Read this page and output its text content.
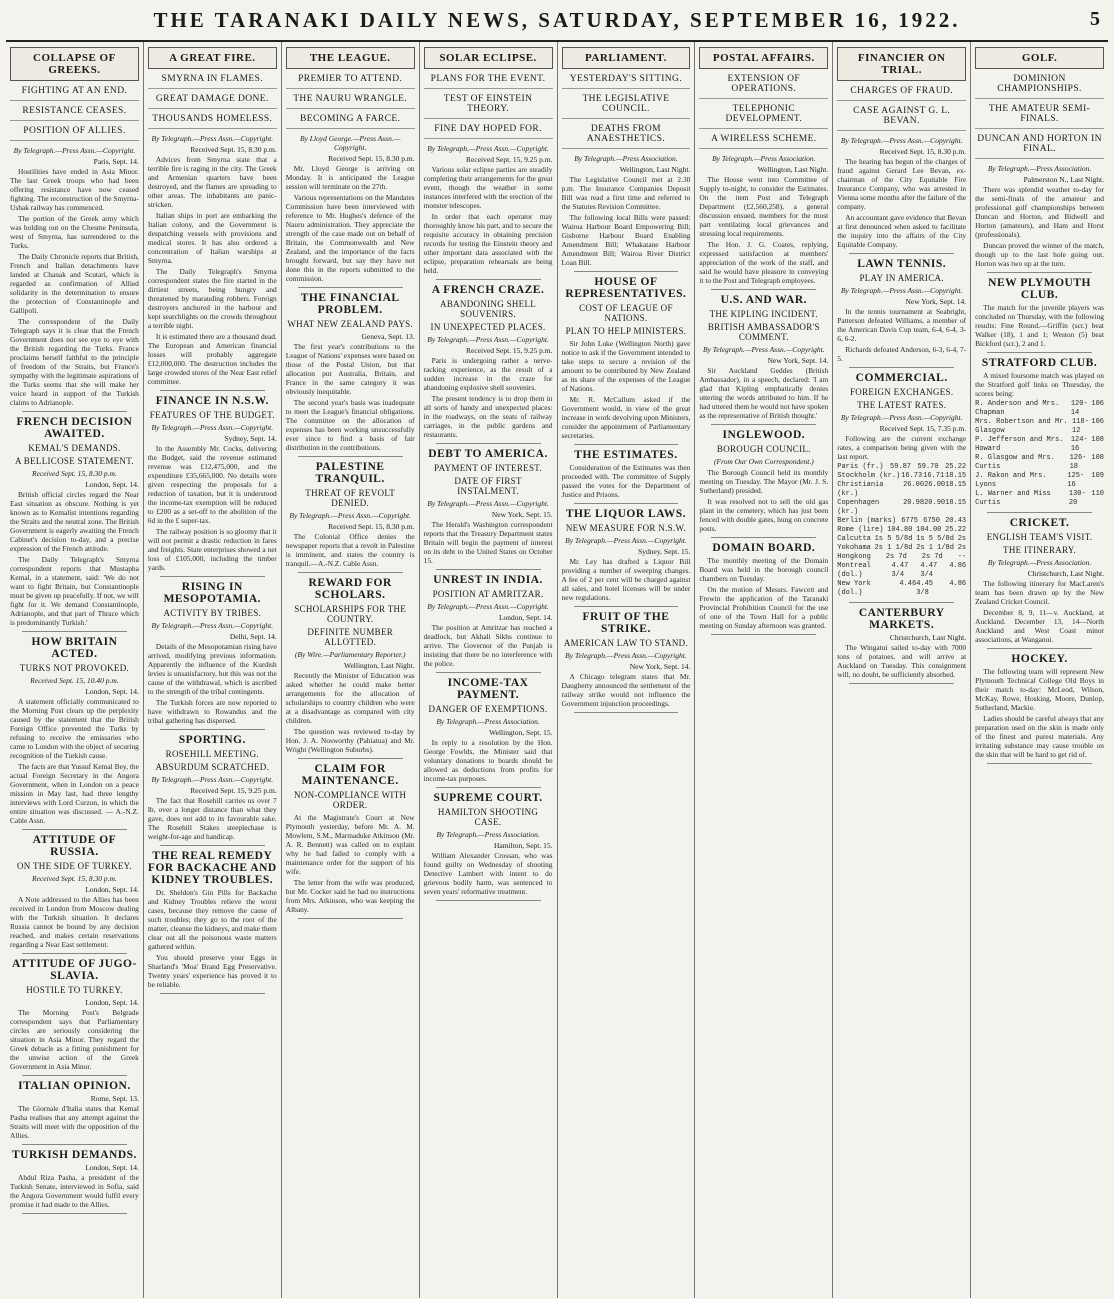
THE TARANAKI DAILY NEWS, SATURDAY, SEPTEMBER 16, 1922.	5
COLLAPSE OF GREEKS.
FIGHTING AT AN END.
RESISTANCE CEASES.
POSITION OF ALLIES.
By Telegraph.—Press Assn.—Copyright.
Paris, Sept. 14.

Hostilities have ended in Asia Minor. The last Greek troops who had been offering resistance have now ceased fighting. The reconstruction of the Smyrna-Ushak railway has commenced.

The portion of the Greek army which was holding out on the Chesme Peninsula, west of Smyrna, has surrendered to the Turks.

The Daily Chronicle reports that British, French and Italian detachments have landed at Chanak and Scutari, which is regarded as confirmation of Allied solidarity in the determination to ensure the protection of Constantinople and Gallipoli.

The correspondent of the Daily Telegraph says it is clear that the French Government does not see eye to eye with the British regarding the Turks. France proclaims herself faithful to the principle of freedom of the Straits, but France's sympathy with the legitimate aspirations of the Turks seems that she will make her voice heard in support of the Turkish claims to Adrianople.

FRENCH DECISION AWAITED.
KEMAL'S DEMANDS.
A BELLICOSE STATEMENT.
Received Sept. 15, 8.30 p.m.
London, Sept. 14.

British official circles regard the Near East situation as obscure. Nothing is yet known as to Kemalist intentions regarding the Straits and the neutral zone. The British Government is eagerly awaiting the French Cabinet's decision to-day, and a precise expression of the French attitude.

The Daily Telegraph's Smyrna correspondent reports that Mustapha Kemal, in a statement, said: 'We do not want to fight Britain, but Constantinople must be given up peacefully. If not, we will fight for it. We demand Constantinople, Adrianople, and that part of Thrace which is predominantly Turkish.'

HOW BRITAIN ACTED.
TURKS NOT PROVOKED.
Received Sept. 15, 10.40 p.m.
London, Sept. 14.

A statement officially communicated to the Morning Post clears up the perplexity caused by the statement that the British Foreign Office prevented the Turks by refusing to receive the emissaries who came to London with the object of securing recognition of the Turkish cause.

The facts are that Yussuf Kemal Bey, the actual Foreign Secretary in the Angora Government, when in London on a peace mission in May last, had three lengthy interviews with Lord Curzon, in which the entire situation was discussed. — A.-N.Z. Cable Assn.

ATTITUDE OF RUSSIA.
ON THE SIDE OF TURKEY.
Received Sept. 15, 8.30 p.m.
London, Sept. 14.

A Note addressed to the Allies has been received in London from Moscow dealing with the Turkish situation. It declares Russia cannot be bound by any decision reached, and makes certain reservations regarding a Near East settlement.

ATTITUDE OF JUGO-SLAVIA.
HOSTILE TO TURKEY.
London, Sept. 14.

The Morning Post's Belgrade correspondent says that Parliamentary circles are seriously considering the situation in Asia Minor. They regard the Greek debacle as a fitting punishment for the unwise action of the Greek Government in Asia Minor.

ITALIAN OPINION.
Rome, Sept. 13.

The Giornale d'Italia states that Kemal Pasha realises that any attempt against the Straits will meet with the opposition of the Allies.

TURKISH DEMANDS.
London, Sept. 14.

Abdul Riza Pasha, a president of the Turkish Senate, interviewed in Sofia, said the Angora Government would fulfil every promise it had made to the Allies.

A GREAT FIRE.
SMYRNA IN FLAMES.
GREAT DAMAGE DONE.
THOUSANDS HOMELESS.
By Telegraph.—Press Assn.—Copyright.
Received Sept. 15, 8.30 p.m.

Advices from Smyrna state that a terrible fire is raging in the city. The Greek and Armenian quarters have been destroyed, and the flames are spreading to other areas. The inhabitants are panic-stricken.

Italian ships in port are embarking the Italian colony, and the Government is despatching vessels with provisions and medical stores. It has also ordered a concentration of Italian warships at Smyrna.

The Daily Telegraph's Smyrna correspondent states the fire started in the dirtiest streets, being hungry and threatened by marauding robbers. Foreign destroyers anchored in the harbour and kept searchlights on the crowds throughout a terrible night.

It is estimated there are a thousand dead. The European and American financial losses will probably aggregate £12,000,000. The destruction includes the large crowded stores of the Near East relief committee.

FINANCE IN N.S.W.
FEATURES OF THE BUDGET.
By Telegraph.—Press Assn.—Copyright.
Sydney, Sept. 14.

In the Assembly Mr. Cocks, delivering the Budget, said the revenue estimated revenue was £12,475,000, and the expenditure £35,665,000. No details were given respecting the proposals for a reduction of taxation, but it is understood the income-tax exemption will be reduced to £200 as a set-off to the abolition of the 6d in the £ super-tax.

The railway position is so gloomy that it will not permit a drastic reduction in fares and freights. State enterprises showed a net loss of £105,000, including the timber yards.

RISING IN MESOPOTAMIA.
ACTIVITY BY TRIBES.
By Telegraph.—Press Assn.—Copyright.
Delhi, Sept. 14.

Details of the Mesopotamian rising have arrived, modifying previous information. Apparently the influence of the Kurdish levies is unsatisfactory, but this was not the cause of the withdrawal, which is ascribed to the strength of the tribal contingents.

The Turkish forces are now reported to have withdrawn to Rowandus and the tribal gathering has dispersed.

SPORTING.
ROSEHILL MEETING.
ABSURDUM SCRATCHED.
By Telegraph.—Press Assn.—Copyright.
Received Sept. 15, 9.25 p.m.

The fact that Rosehill carries us over 7 lb, over a longer distance than what they gave, does not add to its favourable sake. The Rosehill Stakes steeplechase is weight-for-age and handicap.

THE REAL REMEDY FOR BACKACHE AND KIDNEY TROUBLES.

Dr. Sheldon's Gin Pills for Backache and Kidney Troubles relieve the worst cases, because they remove the cause of such troubles; they go to the root of the matter, cleanse the kidneys, and make them clear out all the poisonous waste matters gathered within.

You should preserve your Eggs in Sharland's 'Moa' Brand Egg Preservative. Twenty years' experience has proved it to be reliable.

THE LEAGUE.
PREMIER TO ATTEND.
THE NAURU WRANGLE.
BECOMING A FARCE.
By Lloyd George.—Press Assn.—Copyright.
Received Sept. 15, 8.30 p.m.

Mr. Lloyd George is arriving on Monday. It is anticipated the League session will terminate on the 27th.

Various representations on the Mandates Commission have been interviewed with reference to Mr. Hughes's defence of the Nauru administration. They appreciate the strength of the case made out on behalf of Britain, the Commonwealth and New Zealand, and the importance of the facts brought forward, but say they have not done this in the reports submitted to the commission.

THE FINANCIAL PROBLEM.
WHAT NEW ZEALAND PAYS.
Geneva, Sept. 13.

The first year's contributions to the League of Nations' expenses were based on those of the Postal Union, but that allocation put Australia, Britain, and France in the same category it was obviously inequitable.

The second year's basis was inadequate to meet the League's financial obligations. The committee on the allocation of expenses has been working unsuccessfully ever since to find a basis of fair distribution in the contributions.

PALESTINE TRANQUIL.
THREAT OF REVOLT DENIED.
By Telegraph.—Press Assn.—Copyright.
Received Sept. 15, 8.30 p.m.

The Colonial Office denies the newspaper reports that a revolt in Palestine is imminent, and states the country is tranquil.—A.-N.Z. Cable Assn.

REWARD FOR SCHOLARS.
SCHOLARSHIPS FOR THE COUNTRY.
DEFINITE NUMBER ALLOTTED.
(By Wire.—Parliamentary Reporter.)
Wellington, Last Night.

Recently the Minister of Education was asked whether he could make better arrangements for the allocation of scholarships to country children who were at a disadvantage as compared with city children.

The question was reviewed to-day by Hon. J. A. Nosworthy (Pahiatua) and Mr. Wright (Wellington Suburbs).

CLAIM FOR MAINTENANCE.
NON-COMPLIANCE WITH ORDER.

At the Magistrate's Court at New Plymouth yesterday, before Mr. A. M. Mowlem, S.M., Marmaduke Atkinson (Mr. A. R. Bennett) was called on to explain why he had failed to comply with a maintenance order for the support of his wife.

The letter from the wife was produced, but Mr. Cocker said he had no instructions from Mrs. Atkinson, who was keeping the Albany.

SOLAR ECLIPSE.
PLANS FOR THE EVENT.
TEST OF EINSTEIN THEORY.
FINE DAY HOPED FOR.
By Telegraph.—Press Assn.—Copyright.
Received Sept. 15, 9.25 p.m.

Various solar eclipse parties are steadily completing their arrangements for the great event, though the weather in some instances interfered with the erection of the monster telescopes.

In order that each operator may thoroughly know his part, and to secure the requisite accuracy in obtaining precision records for testing the Einstein theory and other important data associated with the eclipse, preparation rehearsals are being held.

A FRENCH CRAZE.
ABANDONING SHELL SOUVENIRS.
IN UNEXPECTED PLACES.
By Telegraph.—Press Assn.—Copyright.
Received Sept. 15, 9.25 p.m.

Paris is undergoing rather a nerve-racking experience, as the result of a sudden increase in the craze for abandoning explosive shell souvenirs.

The present tendency is to drop them in all sorts of handy and unexpected places: in the roadways, on the seats of railway carriages, in the public gardens and restaurants.

DEBT TO AMERICA.
PAYMENT OF INTEREST.
DATE OF FIRST INSTALMENT.
By Telegraph.—Press Assn.—Copyright.
New York, Sept. 15.

The Herald's Washington correspondent reports that the Treasury Department states Britain will begin the payment of interest on its debt to the United States on October 15.

UNREST IN INDIA.
POSITION AT AMRITZAR.
By Telegraph.—Press Assn.—Copyright.
London, Sept. 14.

The position at Amritzar has reached a deadlock, but Akhali Sikhs continue to arrive. The Governor of the Punjab is insisting that there be no interference with the police.

INCOME-TAX PAYMENT.
DANGER OF EXEMPTIONS.
By Telegraph.—Press Association.
Wellington, Sept. 15.

In reply to a resolution by the Hon. George Fowlds, the Minister said that voluntary donations to boards should be allowed as deductions from profits for income-tax purposes.

SUPREME COURT.
HAMILTON SHOOTING CASE.
By Telegraph.—Press Association.
Hamilton, Sept. 15.

William Alexander Crossan, who was found guilty on Wednesday of shooting Detective Lambert with intent to do grievous bodily harm, was sentenced to seven years' reformative treatment.

PARLIAMENT.
YESTERDAY'S SITTING.
THE LEGISLATIVE COUNCIL.
DEATHS FROM ANAESTHETICS.
By Telegraph.—Press Association.
Wellington, Last Night.

The Legislative Council met at 2.30 p.m. The Insurance Companies Deposit Bill was read a first time and referred to the Statutes Revision Committee.

The following local Bills were passed: Wairoa Harbour Board Empowering Bill; Gisborne Harbour Board Enabling Amendment Bill; Whakatane Harbour Amendment Bill; Wairoa River District Loan Bill.

HOUSE OF REPRESENTATIVES.
COST OF LEAGUE OF NATIONS.
PLAN TO HELP MINISTERS.

Sir John Luke (Wellington North) gave notice to ask if the Government intended to take steps to secure a revision of the amount to be contributed by New Zealand as its share of the expenses of the League of Nations.

Mr. R. McCallum asked if the Government would, in view of the great increase in work devolving upon Ministers, consider the appointment of Parliamentary secretaries.

THE ESTIMATES.

Consideration of the Estimates was then proceeded with. The committee of Supply passed the votes for the Department of Justice and Prisons.

THE LIQUOR LAWS.
NEW MEASURE FOR N.S.W.
By Telegraph.—Press Assn.—Copyright.
Sydney, Sept. 15.

Mr. Ley has drafted a Liquor Bill providing a number of sweeping changes. A fee of 2 per cent will be charged against all sales, and hotel licenses will be under new regulations.

FRUIT OF THE STRIKE.
AMERICAN LAW TO STAND.
By Telegraph.—Press Assn.—Copyright.
New York, Sept. 14.

A Chicago telegram states that Mr. Daugherty announced the settlement of the railway strike would not influence the Government injunction proceedings.

POSTAL AFFAIRS.
EXTENSION OF OPERATIONS.
TELEPHONIC DEVELOPMENT.
A WIRELESS SCHEME.
By Telegraph.—Press Association.
Wellington, Last Night.

The House went into Committee of Supply to-night, to consider the Estimates. On the item Post and Telegraph Department (£2,560,258), a general discussion ensued, members for the most part ventilating local grievances and stressing local requirements.

The Hon. J. G. Coates, replying, expressed satisfaction at members' appreciation of the work of the staff, and said he would have pleasure in conveying it to the Post and Telegraph employees.

U.S. AND WAR.
THE KIPLING INCIDENT.
BRITISH AMBASSADOR'S COMMENT.
By Telegraph.—Press Assn.—Copyright.
New York, Sept. 14.

Sir Auckland Geddes (British Ambassador), in a speech, declared: 'I am glad that Kipling emphatically denies uttering the words attributed to him. If he had uttered them he would not have spoken as the representative of British thought.'

INGLEWOOD.
BOROUGH COUNCIL.
(From Our Own Correspondent.)

The Borough Council held its monthly meeting on Tuesday. The Mayor (Mr. J. S. Sutherland) presided.

It was resolved not to sell the old gas plant in the cemetery, which has just been fenced with double gates, hung on concrete posts.

DOMAIN BOARD.

The monthly meeting of the Domain Board was held in the borough council chambers on Tuesday.

On the motion of Messrs. Fawcett and Frewin the application of the Taranaki Provincial Prohibition Council for the use of one of the Town Hall for a public meeting on Sunday afternoon was granted.

FINANCIER ON TRIAL.
CHARGES OF FRAUD.
CASE AGAINST G. L. BEVAN.
By Telegraph.—Press Assn.—Copyright.
Received Sept. 15, 8.30 p.m.

The hearing has begun of the charges of fraud against Gerard Lee Bevan, ex-chairman of the City Equitable Fire Insurance Company, who was arrested in Vienna some months after the failure of the company.

An accountant gave evidence that Bevan at first denounced when asked to facilitate the inquiry into the affairs of the City Equitable Company.

LAWN TENNIS.
PLAY IN AMERICA.
By Telegraph.—Press Assn.—Copyright.
New York, Sept. 14.

In the tennis tournament at Seabright, Patterson defeated Williams, a member of the American Davis Cup team, 6-4, 6-4, 3-6, 6-2.

Richards defeated Anderson, 6-3, 6-4, 7-5.

COMMERCIAL.
FOREIGN EXCHANGES.
THE LATEST RATES.
By Telegraph.—Press Assn.—Copyright.
Received Sept. 15, 7.35 p.m.

Following are the current exchange rates, a comparison being given with the last report.

Paris (fr.) 59.87 59.70 25.22
Stockholm (kr.) 16.73 16.71 18.15
Christiania (kr.)
26.00 26.00 18.15
Copenhagen (kr.)
20.98 20.90 18.15
Berlin (marks) 6775 6750 20.43
Rome (lire) 104.80 104.00 25.22
Calcutta 1s 5 5/8d 1s 5 5/8d 2s
Yokohama 2s 1 1/8d 2s 1 1/8d 2s
Hongkong 2s 7d 2s 7d --
Montreal (dol.)
4.47 3/4
4.47 3/4
4.86
New York (dol.)
4.46 4.45 3/8
4.86
CANTERBURY MARKETS.
Christchurch, Last Night.

The Wingatui sailed to-day with 7000 tons of potatoes, and will arrive at Auckland on Tuesday. This consignment will, no doubt, be sufficiently absorbed.

GOLF.
DOMINION CHAMPIONSHIPS.
THE AMATEUR SEMI-FINALS.
DUNCAN AND HORTON IN FINAL.
By Telegraph.—Press Association.
Palmerston N., Last Night.

There was splendid weather to-day for the semi-finals of the amateur and professional golf championships between Duncan and Horton, and Bidwell and Horton (amateurs), and Ham and Horst (professionals).

Duncan proved the winner of the match, though up to the last hole going out. Horton was two up at the turn.

NEW PLYMOUTH CLUB.

The match for the juvenile players was concluded on Thursday, with the following results: Fine Round.—Griffin (scr.) beat Walker (18), 1 and 1; Weston (5) beat Bickford (scr.), 2 and 1.

STRATFORD CLUB.

A mixed foursome match was played on the Stratford golf links on Thursday, the scores being:

R. Anderson and Mrs. Chapman
120-14
106
Mrs. Robertson and Mr. Glasgow
118-12
106
P. Jefferson and Mrs. Howard
124-16
108
R. Glasgow and Mrs. Curtis
126-18
108
J. Rakon and Mrs. Lyons
125-16
109
L. Warner and Miss Curtis
130-20
110
CRICKET.
ENGLISH TEAM'S VISIT.
THE ITINERARY.
By Telegraph.—Press Association.
Christchurch, Last Night.

The following itinerary for MacLaren's team has been drawn up by the New Zealand Cricket Council.

December 8, 9, 11—v. Auckland, at Auckland. December 13, 14—North Auckland and West Coast minor associations, at Wanganui.

HOCKEY.

The following team will represent New Plymouth Technical College Old Boys in their match to-day: McLeod, Wilson, McKay, Rowe, Hosking, Moore, Dunlop, Sutherland, Mackie.

Ladies should be careful always that any preparation used on the skin is made only of the finest and purest materials. Any irritating substance may cause trouble on the skin that will be hard to get rid of.
